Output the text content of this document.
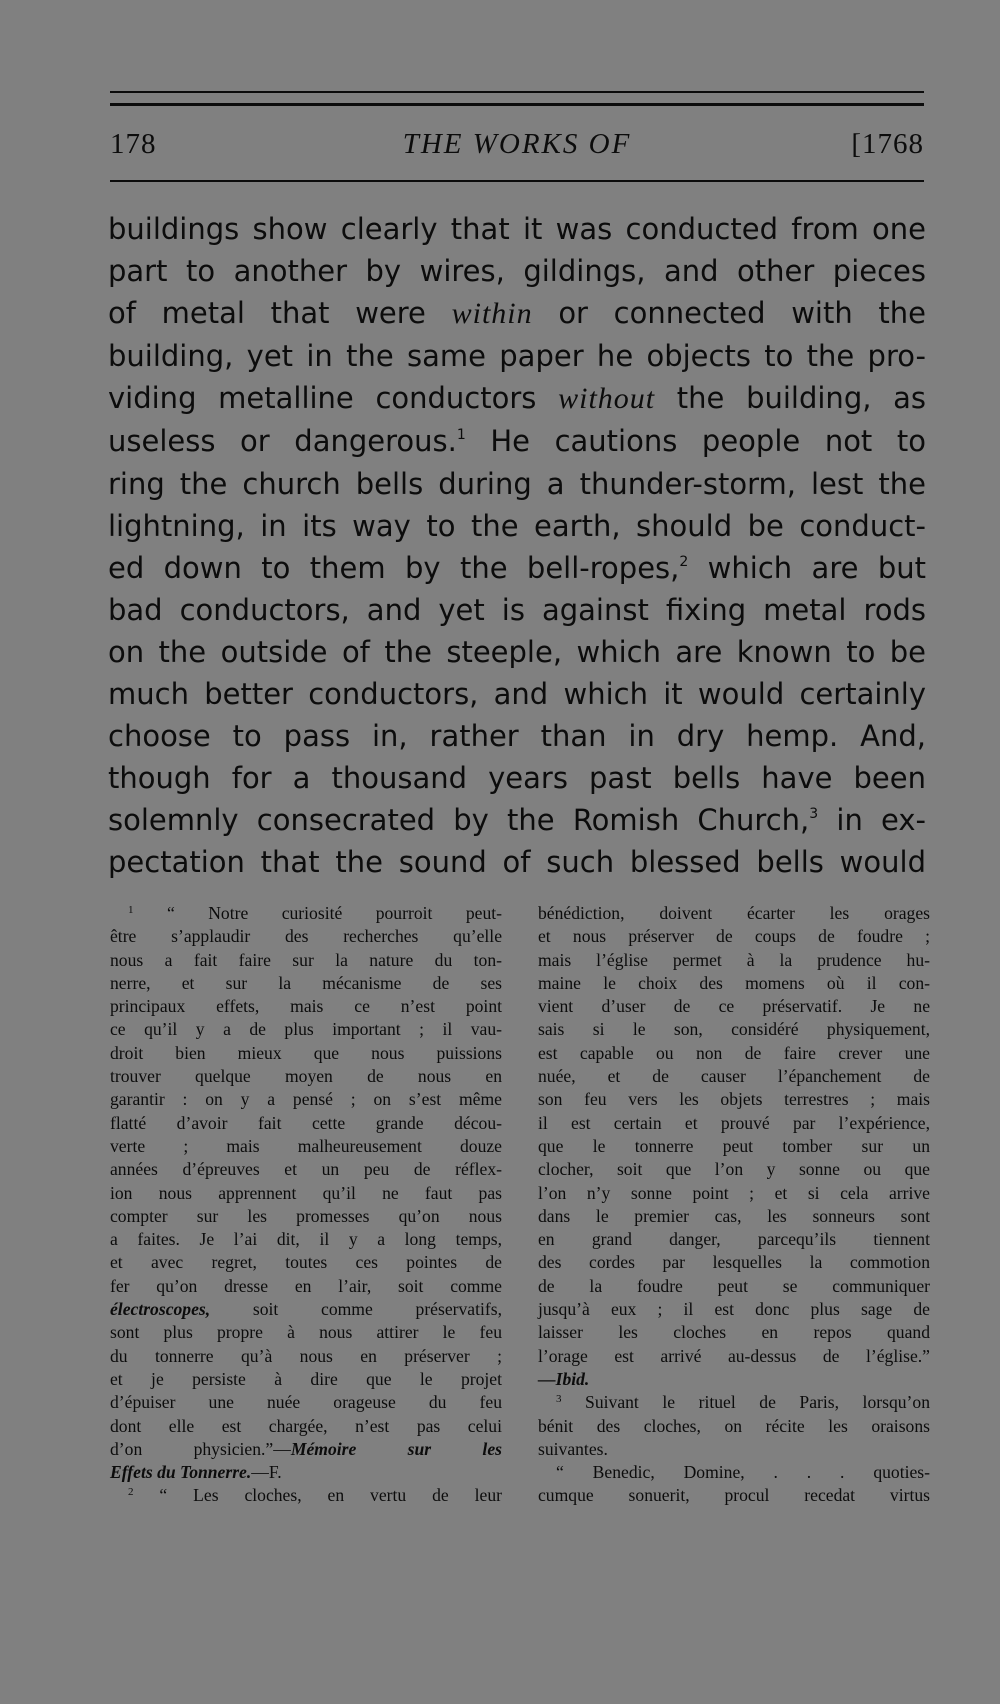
178	THE WORKS OF	[1768
buildings show clearly that it was conducted from one
part to another by wires, gildings, and other pieces
of metal that were within or connected with the
building, yet in the same paper he objects to the pro-
viding metalline conductors without the building, as
useless or dangerous.$^1$ He cautions people not to
ring the church bells during a thunder-storm, lest the
lightning, in its way to the earth, should be conduct-
ed down to them by the bell-ropes,$^2$ which are but
bad conductors, and yet is against fixing metal rods
on the outside of the steeple, which are known to be
much better conductors, and which it would certainly
choose to pass in, rather than in dry hemp. And,
though for a thousand years past bells have been
solemnly consecrated by the Romish Church,$^3$ in ex-
pectation that the sound of such blessed bells would
$^1$ “ Notre curiosité pourroit peut-
être s’applaudir des recherches qu’elle
nous a fait faire sur la nature du ton-
nerre, et sur la mécanisme de ses
principaux effets, mais ce n’est point
ce qu’il y a de plus important ; il vau-
droit bien mieux que nous puissions
trouver quelque moyen de nous en
garantir : on y a pensé ; on s’est même
flatté d’avoir fait cette grande décou-
verte ; mais malheureusement douze
années d’épreuves et un peu de réflex-
ion nous apprennent qu’il ne faut pas
compter sur les promesses qu’on nous
a faites. Je l’ai dit, il y a long temps,
et avec regret, toutes ces pointes de
fer qu’on dresse en l’air, soit comme
électroscopes, soit comme préservatifs,
sont plus propre à nous attirer le feu
du tonnerre qu’à nous en préserver ;
et je persiste à dire que le projet
d’épuiser une nuée orageuse du feu
dont elle est chargée, n’est pas celui
d’on physicien.”—Mémoire sur les
Effets du Tonnerre.—F.
$^2$ “ Les cloches, en vertu de leur
bénédiction, doivent écarter les orages
et nous préserver de coups de foudre ;
mais l’église permet à la prudence hu-
maine le choix des momens où il con-
vient d’user de ce préservatif. Je ne
sais si le son, considéré physiquement,
est capable ou non de faire crever une
nuée, et de causer l’épanchement de
son feu vers les objets terrestres ; mais
il est certain et prouvé par l’expérience,
que le tonnerre peut tomber sur un
clocher, soit que l’on y sonne ou que
l’on n’y sonne point ; et si cela arrive
dans le premier cas, les sonneurs sont
en grand danger, parcequ’ils tiennent
des cordes par lesquelles la commotion
de la foudre peut se communiquer
jusqu’à eux ; il est donc plus sage de
laisser les cloches en repos quand
l’orage est arrivé au-dessus de l’église.”
—Ibid.
$^3$ Suivant le rituel de Paris, lorsqu’on
bénit des cloches, on récite les oraisons
suivantes.
“ Benedic, Domine, . . . quoties-
cumque sonuerit, procul recedat virtus
